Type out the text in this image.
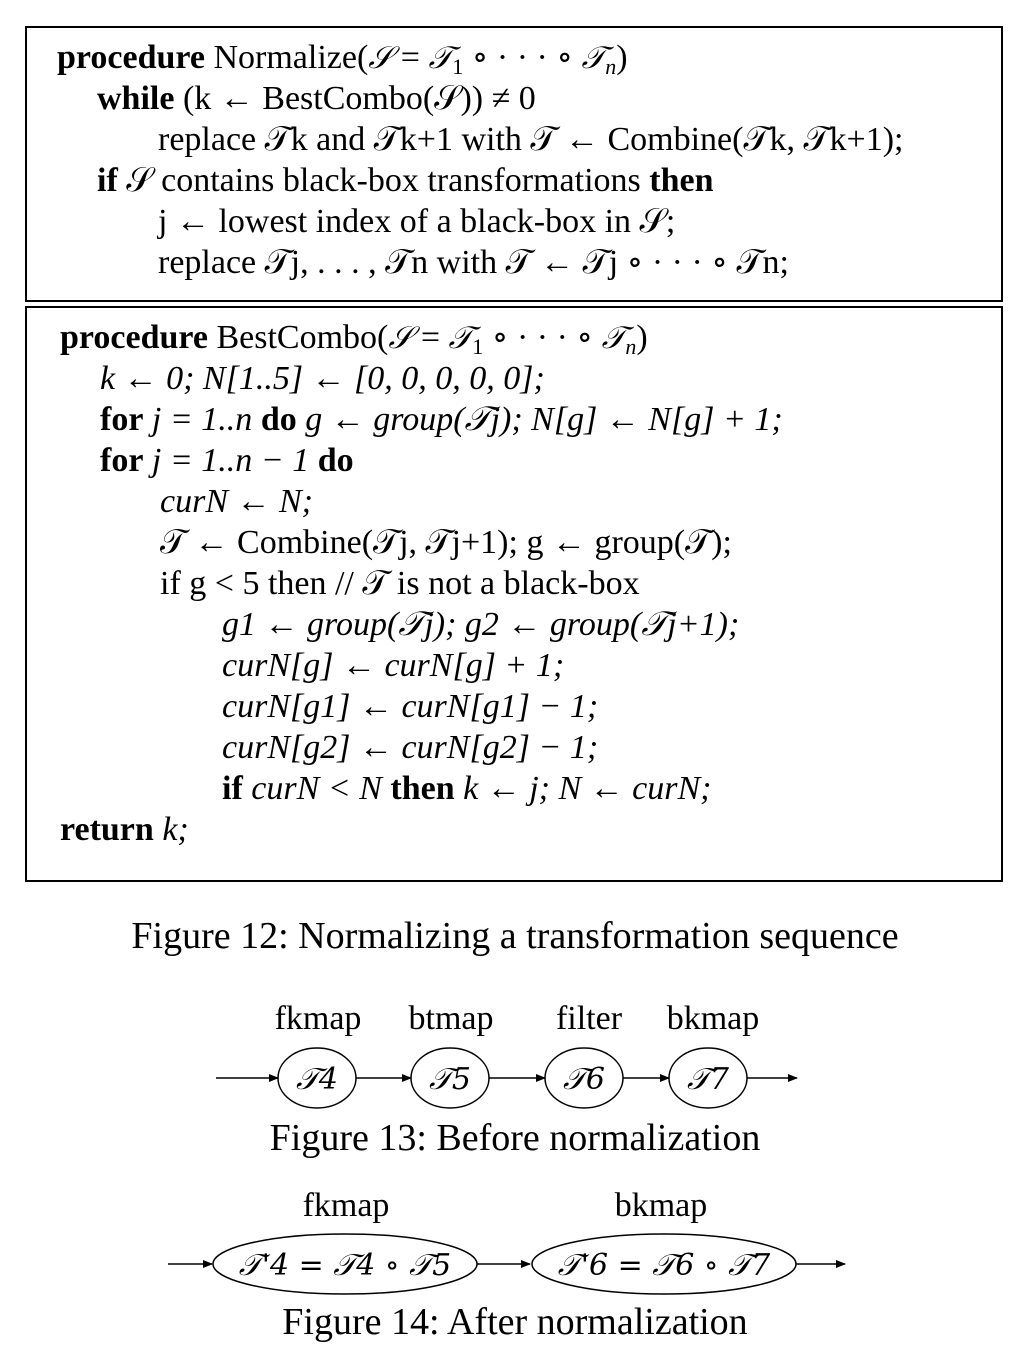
procedure Normalize(𝒮 = 𝒯$_1$ ∘ · · · ∘ 𝒯$_n$)
while (k ← BestCombo(𝒮)) ≠ 0
replace 𝒯k and 𝒯k+1 with 𝒯 ← Combine(𝒯k, 𝒯k+1);
if 𝒮 contains black-box transformations then
j ← lowest index of a black-box in 𝒮;
replace 𝒯j, . . . , 𝒯n with 𝒯 ← 𝒯j ∘ · · · ∘ 𝒯n;
procedure BestCombo(𝒮 = 𝒯$_1$ ∘ · · · ∘ 𝒯$_n$)
k ← 0; N[1..5] ← [0, 0, 0, 0, 0];
for j = 1..n do g ← group(𝒯j); N[g] ← N[g] + 1;
for j = 1..n − 1 do
curN ← N;
𝒯 ← Combine(𝒯j, 𝒯j+1); g ← group(𝒯);
if g < 5 then // 𝒯 is not a black-box
g1 ← group(𝒯j); g2 ← group(𝒯j+1);
curN[g] ← curN[g] + 1;
curN[g1] ← curN[g1] − 1;
curN[g2] ← curN[g2] − 1;
if curN < N then k ← j; N ← curN;
return k;
Figure 12: Normalizing a transformation sequence
Figure 13: Before normalization
Figure 14: After normalization
fkmap btmap filter bkmap
fkmap	bkmap
𝒯4	𝒯5	𝒯6	𝒯7
𝒯'4 = 𝒯4 ∘ 𝒯5	𝒯'6 = 𝒯6 ∘ 𝒯7
